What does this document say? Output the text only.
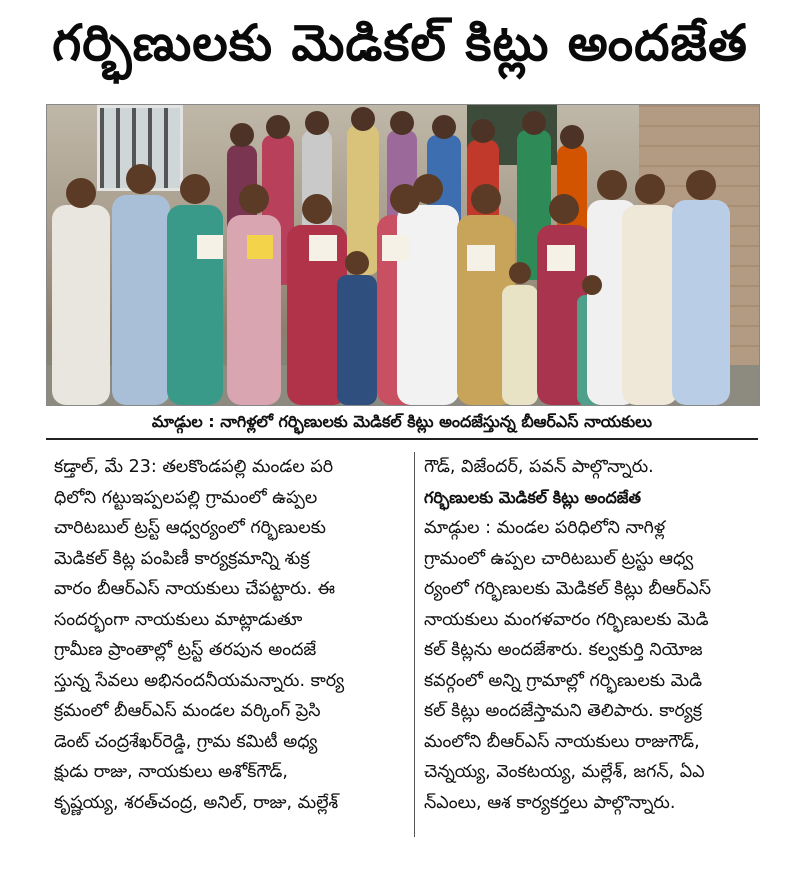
గర్భిణులకు మెడికల్ కిట్లు అందజేత
మాడ్గుల : నాగిళ్లలో గర్భిణులకు మెడికల్ కిట్లు అందజేస్తున్న బీఆర్ఎస్ నాయకులు

కడ్తాల్, మే 23: తలకొండపల్లి మండల పరి

ధిలోని గట్టుఇప్పలపల్లి గ్రామంలో ఉప్పల

చారిటబుల్ ట్రస్ట్ ఆధ్వర్యంలో గర్భిణులకు

మెడికల్ కిట్ల పంపిణీ కార్యక్రమాన్ని శుక్ర

వారం బీఆర్ఎస్ నాయకులు చేపట్టారు. ఈ

సందర్భంగా నాయకులు మాట్లాడుతూ

గ్రామీణ ప్రాంతాల్లో ట్రస్ట్ తరపున అందజే

స్తున్న సేవలు అభినందనీయమన్నారు. కార్య

క్రమంలో బీఆర్ఎస్ మండల వర్కింగ్ ప్రెసి

డెంట్ చంద్రశేఖర్‌రెడ్డి, గ్రామ కమిటీ అధ్య

క్షుడు రాజు, నాయకులు అశోక్‌గౌడ్,

కృష్ణయ్య, శరత్‌చంద్ర, అనిల్, రాజు, మల్లేశ్

గౌడ్, విజేందర్, పవన్ పాల్గొన్నారు.

గర్భిణులకు మెడికల్ కిట్లు అందజేత

మాడ్గుల : మండల పరిధిలోని నాగిళ్ల

గ్రామంలో ఉప్పల చారిటబుల్ ట్రస్టు ఆధ్వ

ర్యంలో గర్భిణులకు మెడికల్ కిట్లు బీఆర్ఎస్

నాయకులు మంగళవారం గర్భిణులకు మెడి

కల్ కిట్లను అందజేశారు. కల్వకుర్తి నియోజ

కవర్గంలో అన్ని గ్రామాల్లో గర్భిణులకు మెడి

కల్ కిట్లు అందజేస్తామని తెలిపారు. కార్యక్ర

మంలోని బీఆర్ఎస్ నాయకులు రాజుగౌడ్,

చెన్నయ్య, వెంకటయ్య, మల్లేశ్, జగన్, ఏఎ

న్ఎంలు, ఆశ కార్యకర్తలు పాల్గొన్నారు.
